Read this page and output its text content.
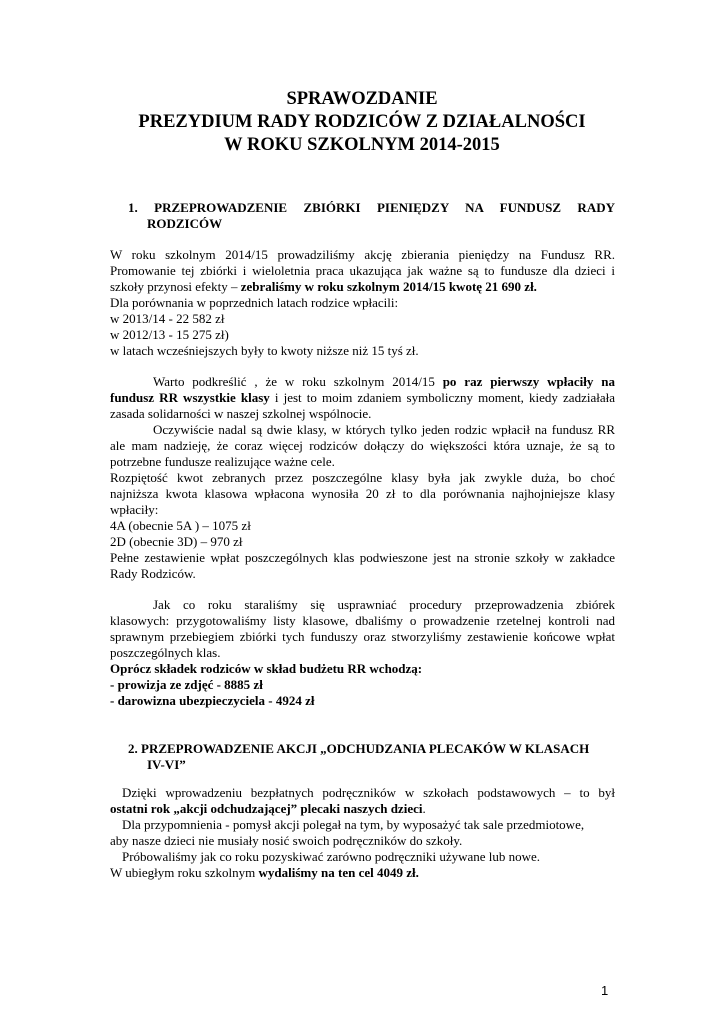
SPRAWOZDANIE
PREZYDIUM RADY RODZICÓW Z DZIAŁALNOŚCI
W ROKU SZKOLNYM 2014-2015
1. PRZEPROWADZENIE ZBIÓRKI PIENIĘDZY NA FUNDUSZ RADY
RODZICÓW
W roku szkolnym 2014/15 prowadziliśmy akcję zbierania pieniędzy na Fundusz RR.
Promowanie tej zbiórki i wieloletnia praca ukazująca jak ważne są to fundusze dla dzieci i
szkoły przynosi efekty – zebraliśmy w roku szkolnym 2014/15 kwotę 21 690 zł.
Dla porównania w poprzednich latach rodzice wpłacili:
w 2013/14 - 22 582 zł
w 2012/13 - 15 275 zł)
w latach wcześniejszych były to kwoty niższe niż 15 tyś zł.
Warto podkreślić , że w roku szkolnym 2014/15 po raz pierwszy wpłaciły na
fundusz RR wszystkie klasy i jest to moim zdaniem symboliczny moment, kiedy zadziałała
zasada solidarności w naszej szkolnej wspólnocie.
Oczywiście nadal są dwie klasy, w których tylko jeden rodzic wpłacił na fundusz RR
ale mam nadzieję, że coraz więcej rodziców dołączy do większości która uznaje, że są to
potrzebne fundusze realizujące ważne cele.
Rozpiętość kwot zebranych przez poszczególne klasy była jak zwykle duża, bo choć
najniższa kwota klasowa wpłacona wynosiła 20 zł to dla porównania najhojniejsze klasy
wpłaciły:
4A (obecnie 5A ) – 1075 zł
2D (obecnie 3D) – 970 zł
Pełne zestawienie wpłat poszczególnych klas podwieszone jest na stronie szkoły w zakładce
Rady Rodziców.
Jak co roku staraliśmy się usprawniać procedury przeprowadzenia zbiórek
klasowych: przygotowaliśmy listy klasowe, dbaliśmy o prowadzenie rzetelnej kontroli nad
sprawnym przebiegiem zbiórki tych funduszy oraz stworzyliśmy zestawienie końcowe wpłat
poszczególnych klas.
Oprócz składek rodziców w skład budżetu RR wchodzą:
- prowizja ze zdjęć - 8885 zł
- darowizna ubezpieczyciela - 4924 zł
2. PRZEPROWADZENIE AKCJI „ODCHUDZANIA PLECAKÓW W KLASACH
IV-VI”
Dzięki wprowadzeniu bezpłatnych podręczników w szkołach podstawowych – to był
ostatni rok „akcji odchudzającej” plecaki naszych dzieci.
Dla przypomnienia - pomysł akcji polegał na tym, by wyposażyć tak sale przedmiotowe,
aby nasze dzieci nie musiały nosić swoich podręczników do szkoły.
Próbowaliśmy jak co roku pozyskiwać zarówno podręczniki używane lub nowe.
W ubiegłym roku szkolnym wydaliśmy na ten cel 4049 zł.
1
